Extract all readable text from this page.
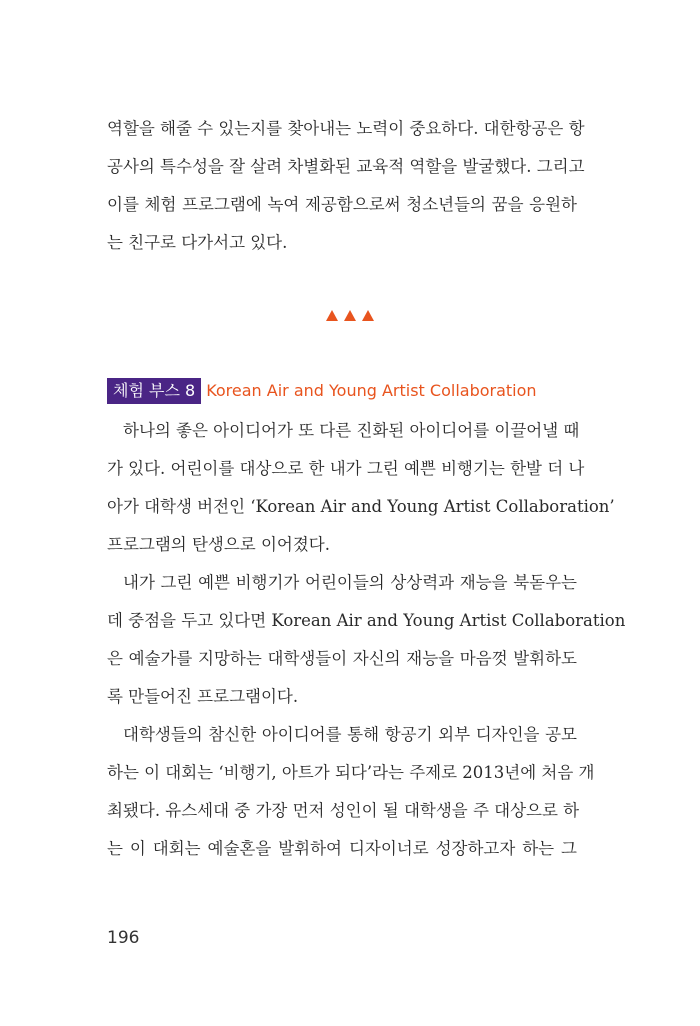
역할을 해줄 수 있는지를 찾아내는 노력이 중요하다. 대한항공은 항
공사의 특수성을 잘 살려 차별화된 교육적 역할을 발굴했다. 그리고
이를 체험 프로그램에 녹여 제공함으로써 청소년들의 꿈을 응원하
는 친구로 다가서고 있다.
체험 부스 8 Korean Air and Young Artist Collaboration
하나의 좋은 아이디어가 또 다른 진화된 아이디어를 이끌어낼 때
가 있다. 어린이를 대상으로 한 내가 그린 예쁜 비행기는 한발 더 나
아가 대학생 버전인 ‘Korean Air and Young Artist Collaboration’
프로그램의 탄생으로 이어졌다.
내가 그린 예쁜 비행기가 어린이들의 상상력과 재능을 북돋우는
데 중점을 두고 있다면 Korean Air and Young Artist Collaboration
은 예술가를 지망하는 대학생들이 자신의 재능을 마음껏 발휘하도
록 만들어진 프로그램이다.
대학생들의 참신한 아이디어를 통해 항공기 외부 디자인을 공모
하는 이 대회는 ‘비행기, 아트가 되다’라는 주제로 2013년에 처음 개
최됐다. 유스세대 중 가장 먼저 성인이 될 대학생을 주 대상으로 하
는 이 대회는 예술혼을 발휘하여 디자이너로 성장하고자 하는 그
196
